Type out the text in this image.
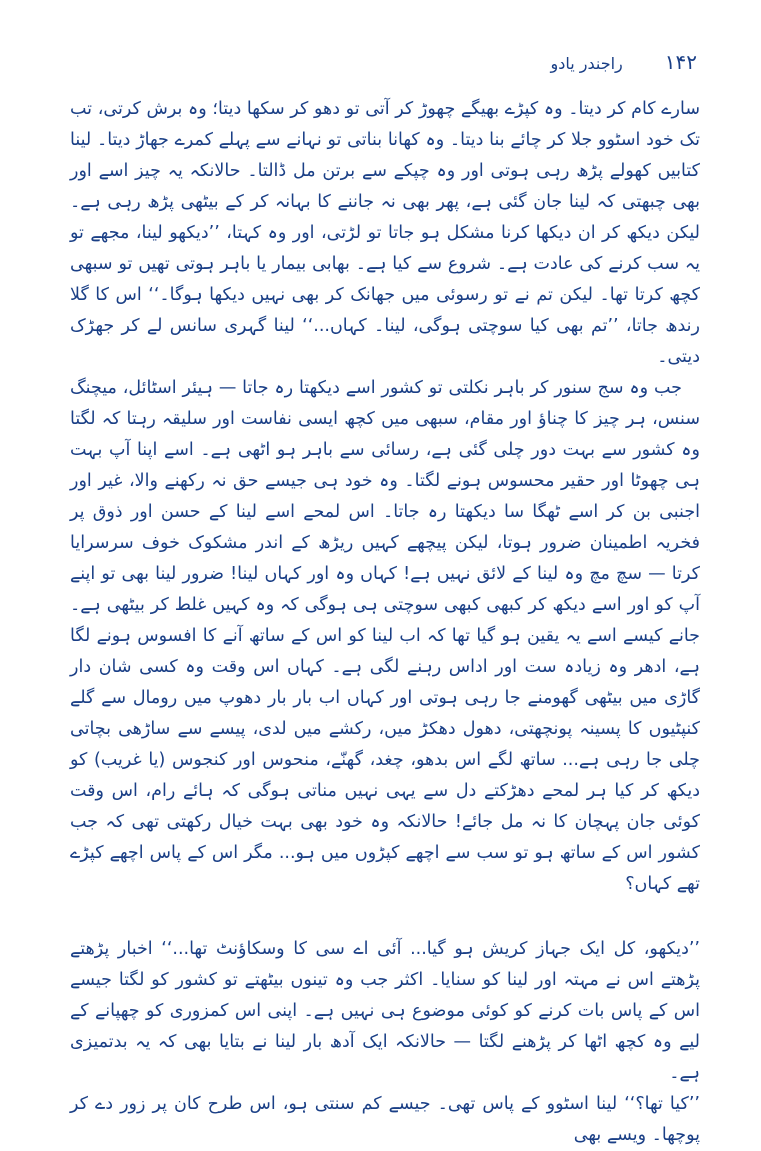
۱۴۲
راجندر یادو

سارے کام کر دیتا۔ وہ کپڑے بھیگے چھوڑ کر آتی تو دھو کر سکھا دیتا؛ وہ برش کرتی، تب تک خود اسٹوو جلا کر چائے بنا دیتا۔ وہ کھانا بناتی تو نہانے سے پہلے کمرے جھاڑ دیتا۔ لینا کتابیں کھولے پڑھ رہی ہوتی اور وہ چپکے سے برتن مل ڈالتا۔ حالانکہ یہ چیز اسے اور بھی چبھتی کہ لینا جان گئی ہے، پھر بھی نہ جاننے کا بہانہ کر کے بیٹھی پڑھ رہی ہے۔ لیکن دیکھ کر ان دیکھا کرنا مشکل ہو جاتا تو لڑتی، اور وہ کہتا، ’’دیکھو لینا، مجھے تو یہ سب کرنے کی عادت ہے۔ شروع سے کیا ہے۔ بھابی بیمار یا باہر ہوتی تھیں تو سبھی کچھ کرتا تھا۔ لیکن تم نے تو رسوئی میں جھانک کر بھی نہیں دیکھا ہوگا۔‘‘ اس کا گلا رندھ جاتا، ’’تم بھی کیا سوچتی ہوگی، لینا۔ کہاں...‘‘ لینا گہری سانس لے کر جھڑک دیتی۔

جب وہ سج سنور کر باہر نکلتی تو کشور اسے دیکھتا رہ جاتا — ہیئر اسٹائل، میچنگ سنس، ہر چیز کا چناؤ اور مقام، سبھی میں کچھ ایسی نفاست اور سلیقہ رہتا کہ لگتا وہ کشور سے بہت دور چلی گئی ہے، رسائی سے باہر ہو اٹھی ہے۔ اسے اپنا آپ بہت ہی چھوٹا اور حقیر محسوس ہونے لگتا۔ وہ خود ہی جیسے حق نہ رکھنے والا، غیر اور اجنبی بن کر اسے ٹھگا سا دیکھتا رہ جاتا۔ اس لمحے اسے لینا کے حسن اور ذوق پر فخریہ اطمینان ضرور ہوتا، لیکن پیچھے کہیں ریڑھ کے اندر مشکوک خوف سرسرایا کرتا — سچ مچ وہ لینا کے لائق نہیں ہے! کہاں وہ اور کہاں لینا! ضرور لینا بھی تو اپنے آپ کو اور اسے دیکھ کر کبھی کبھی سوچتی ہی ہوگی کہ وہ کہیں غلط کر بیٹھی ہے۔ جانے کیسے اسے یہ یقین ہو گیا تھا کہ اب لینا کو اس کے ساتھ آنے کا افسوس ہونے لگا ہے، ادھر وہ زیادہ ست اور اداس رہنے لگی ہے۔ کہاں اس وقت وہ کسی شان دار گاڑی میں بیٹھی گھومنے جا رہی ہوتی اور کہاں اب بار بار دھوپ میں رومال سے گلے کنپٹیوں کا پسینہ پونچھتی، دھول دھکڑ میں، رکشے میں لدی، پیسے سے ساڑھی بچاتی چلی جا رہی ہے... ساتھ لگے اس بدھو، چغد، گھنّے، منحوس اور کنجوس (یا غریب) کو دیکھ کر کیا ہر لمحے دھڑکتے دل سے یہی نہیں مناتی ہوگی کہ ہائے رام، اس وقت کوئی جان پہچان کا نہ مل جائے! حالانکہ وہ خود بھی بہت خیال رکھتی تھی کہ جب کشور اس کے ساتھ ہو تو سب سے اچھے کپڑوں میں ہو... مگر اس کے پاس اچھے کپڑے تھے کہاں؟

’’دیکھو، کل ایک جہاز کریش ہو گیا... آئی اے سی کا وسکاؤنٹ تھا...‘‘ اخبار پڑھتے پڑھتے اس نے مہتہ اور لینا کو سنایا۔ اکثر جب وہ تینوں بیٹھتے تو کشور کو لگتا جیسے اس کے پاس بات کرنے کو کوئی موضوع ہی نہیں ہے۔ اپنی اس کمزوری کو چھپانے کے لیے وہ کچھ اٹھا کر پڑھنے لگتا — حالانکہ ایک آدھ بار لینا نے بتایا بھی کہ یہ بدتمیزی ہے۔

’’کیا تھا؟‘‘ لینا اسٹوو کے پاس تھی۔ جیسے کم سنتی ہو، اس طرح کان پر زور دے کر پوچھا۔ ویسے بھی
